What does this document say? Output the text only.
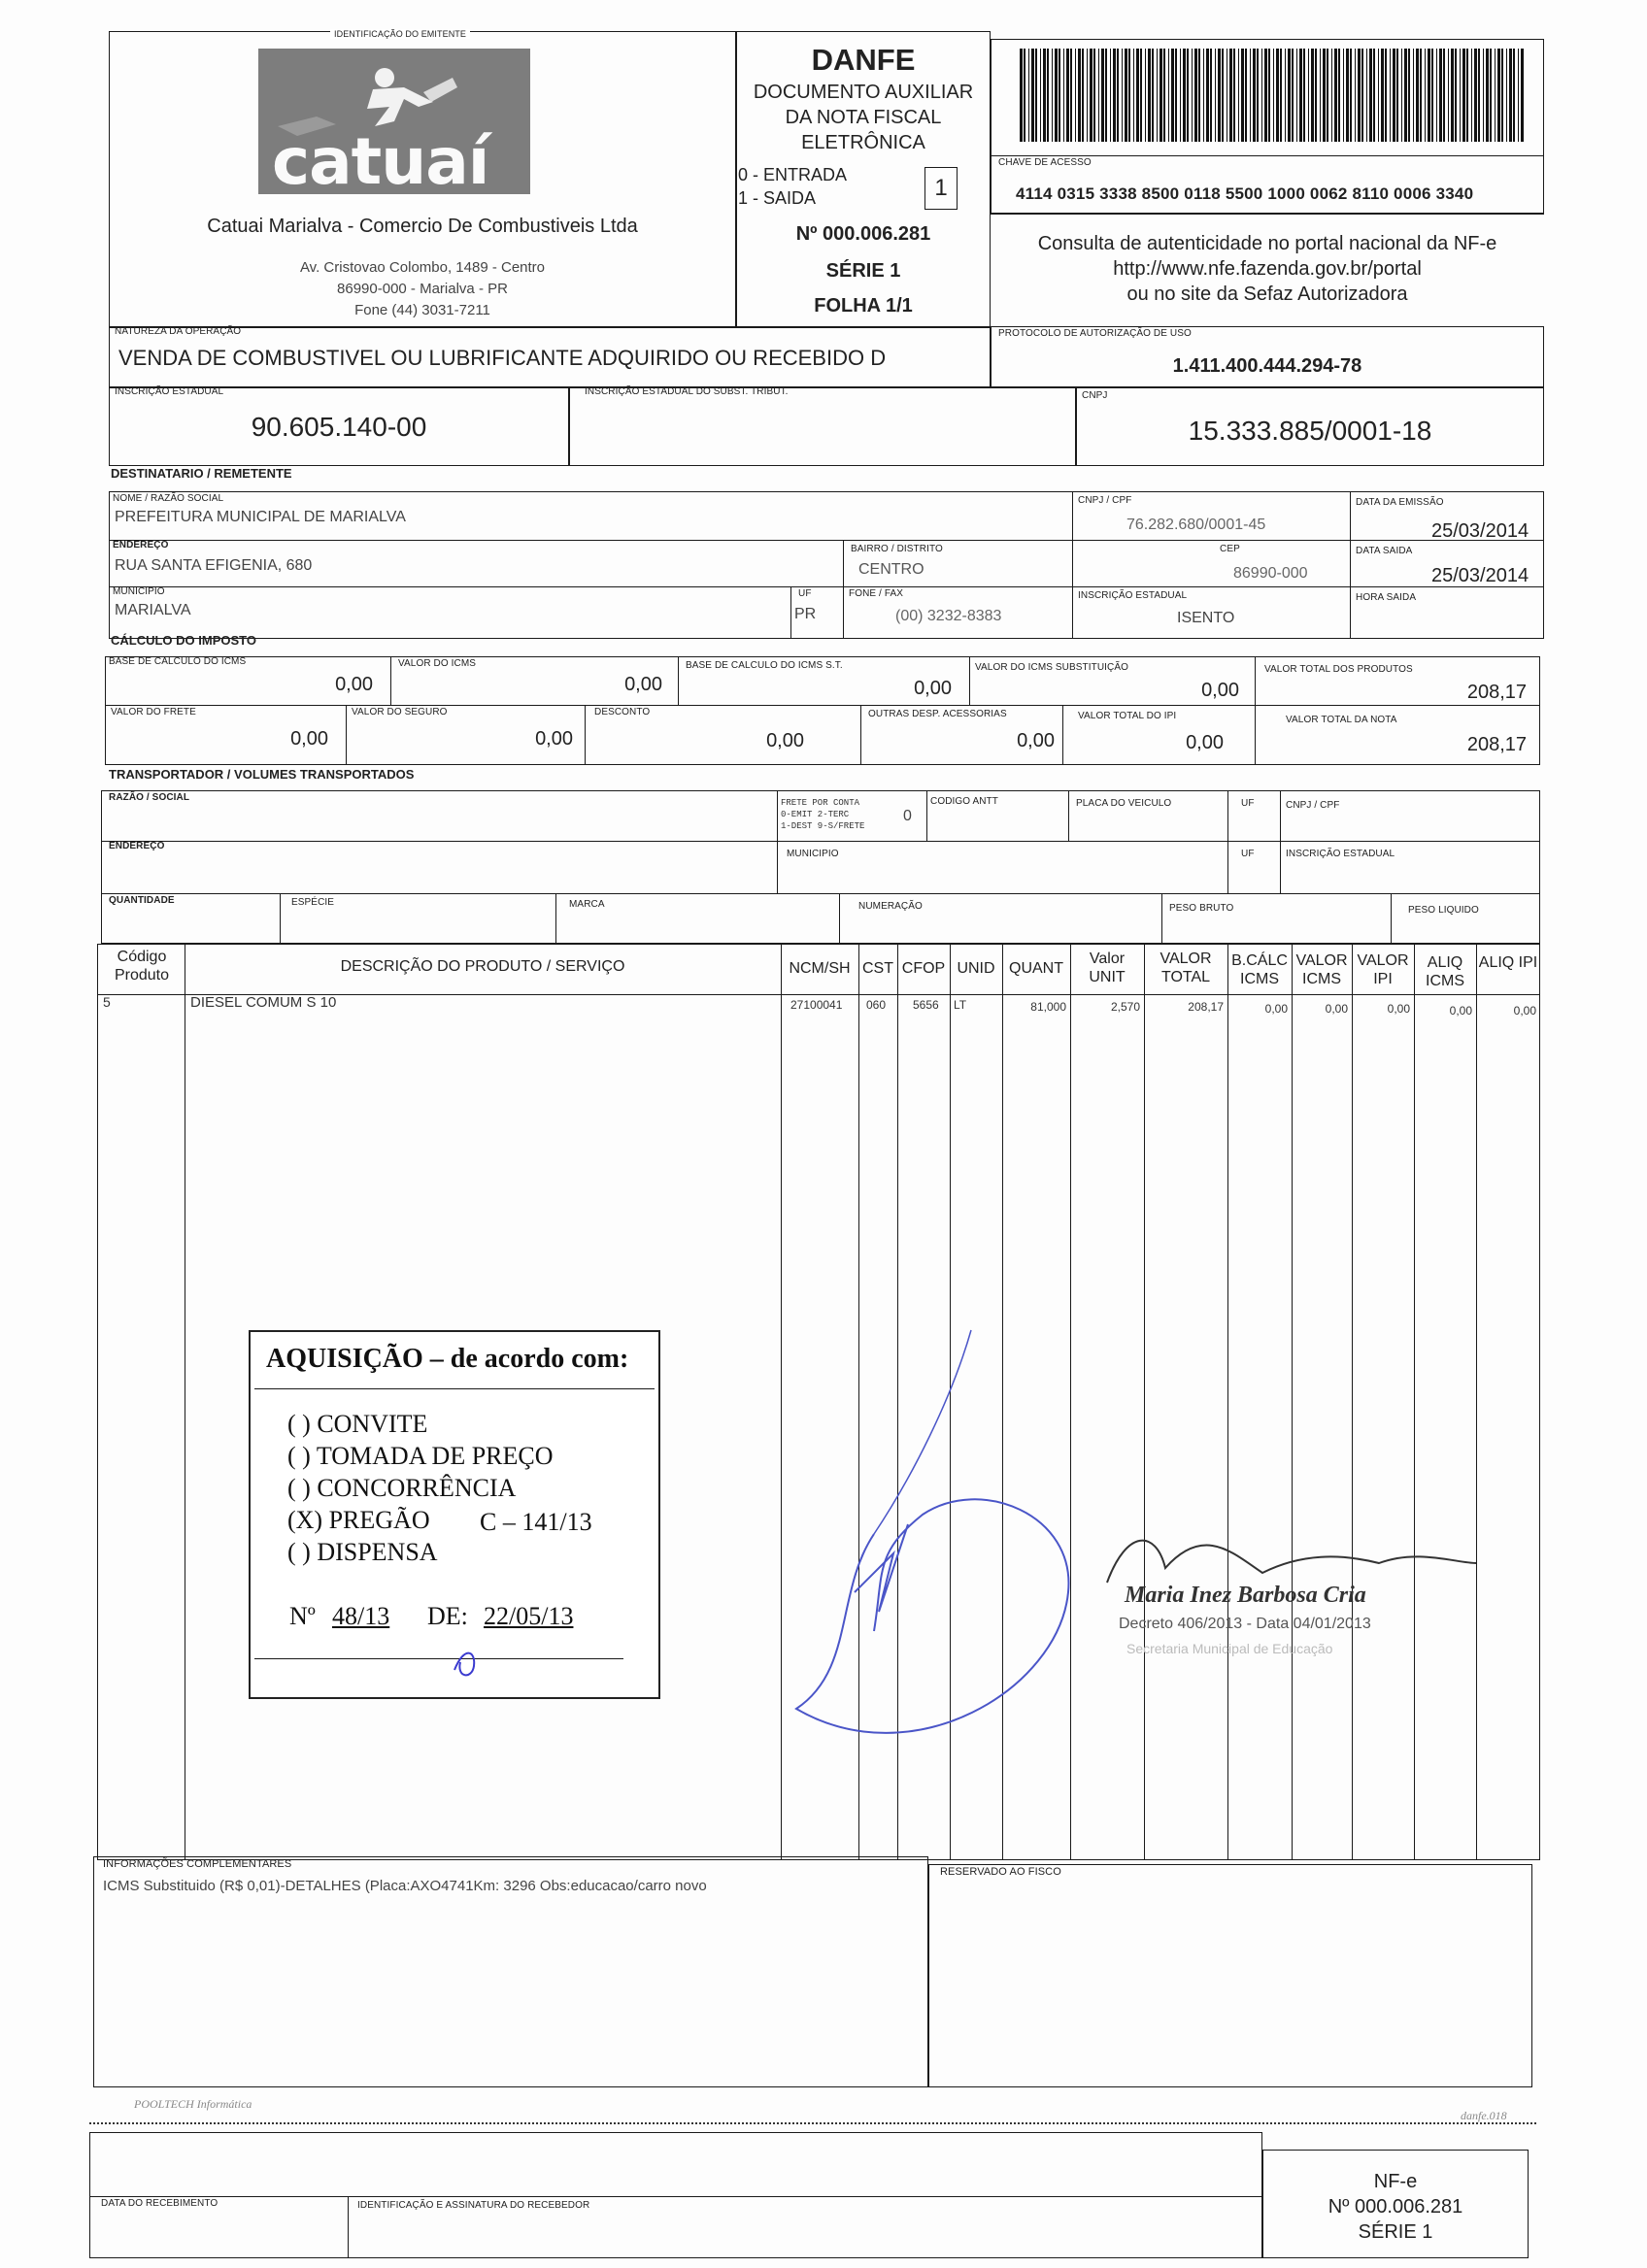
IDENTIFICAÇÃO DO EMITENTE
catuaí
Catuai Marialva - Comercio De Combustiveis Ltda
Av. Cristovao Colombo, 1489 - Centro
86990-000 - Marialva - PR
Fone (44) 3031-7211
DANFE
DOCUMENTO AUXILIAR
DA NOTA FISCAL
ELETRÔNICA
0 - ENTRADA
1 - SAIDA	1
Nº 000.006.281
SÉRIE 1
FOLHA 1/1
CHAVE DE ACESSO
4114 0315 3338 8500 0118 5500 1000 0062 8110 0006 3340
Consulta de autenticidade no portal nacional da NF-e
http://www.nfe.fazenda.gov.br/portal
ou no site da Sefaz Autorizadora
NATUREZA DA OPERAÇÃO
VENDA DE COMBUSTIVEL OU LUBRIFICANTE ADQUIRIDO OU RECEBIDO D
PROTOCOLO DE AUTORIZAÇÃO DE USO
1.411.400.444.294-78
INSCRIÇÃO ESTADUAL
90.605.140-00
INSCRIÇÃO ESTADUAL DO SUBST. TRIBUT.	CNPJ
15.333.885/0001-18
DESTINATARIO / REMETENTE
NOME / RAZÃO SOCIAL
PREFEITURA MUNICIPAL DE MARIALVA
CNPJ / CPF
76.282.680/0001-45
DATA DA EMISSÃO
25/03/2014
ENDEREÇO
RUA SANTA EFIGENIA, 680
BAIRRO / DISTRITO
CENTRO
CEP
86990-000
DATA SAIDA
25/03/2014
MUNICIPIO
MARIALVA
UF
PR
FONE / FAX
(00) 3232-8383
INSCRIÇÃO ESTADUAL
ISENTO
HORA SAIDA
CÁLCULO DO IMPOSTO
BASE DE CALCULO DO ICMS
0,00
VALOR DO ICMS
0,00
BASE DE CALCULO DO ICMS S.T.
0,00
VALOR DO ICMS SUBSTITUIÇÃO
0,00
VALOR TOTAL DOS PRODUTOS
208,17
VALOR DO FRETE
0,00
VALOR DO SEGURO
0,00
DESCONTO
0,00
OUTRAS DESP. ACESSORIAS
0,00
VALOR TOTAL DO IPI
0,00
VALOR TOTAL DA NOTA
208,17
TRANSPORTADOR / VOLUMES TRANSPORTADOS
RAZÃO / SOCIAL	FRETE POR CONTA
0-EMIT 2-TERC
1-DEST 9-S/FRETE
0
CODIGO ANTT	PLACA DO VEICULO	UF	CNPJ / CPF
ENDEREÇO
MUNICIPIO	UF	INSCRIÇÃO ESTADUAL
QUANTIDADE	ESPÉCIE	MARCA	NUMERAÇÃO	PESO BRUTO	PESO LIQUIDO
Código Produto
DESCRIÇÃO DO PRODUTO / SERVIÇO	NCM/SH CST CFOP UNID QUANT
Valor UNIT
VALOR TOTAL
B.CÁLC ICMS
VALOR ICMS
VALOR IPI
ALIQ ICMS
ALIQ IPI
5	DIESEL COMUM S 10	27100041 060 5656 LT	81,000	2,570	208,17	0,00	0,00	0,00	0,00	0,00
AQUISIÇÃO – de acordo com:
( ) CONVITE
( ) TOMADA DE PREÇO
( ) CONCORRÊNCIA
(X) PREGÃO C – 141/13
( ) DISPENSA
Nº 48/13 DE: 22/05/13
Maria Inez Barbosa Cria
Decreto 406/2013 - Data 04/01/2013
Secretaria Municipal de Educação
INFORMAÇÕES COMPLEMENTARES
ICMS Substituido (R$ 0,01)-DETALHES (Placa:AXO4741Km: 3296 Obs:educacao/carro novo
RESERVADO AO FISCO
POOLTECH Informática
danfe.018
DATA DO RECEBIMENTO	IDENTIFICAÇÃO E ASSINATURA DO RECEBEDOR
NF-e
Nº 000.006.281
SÉRIE 1
